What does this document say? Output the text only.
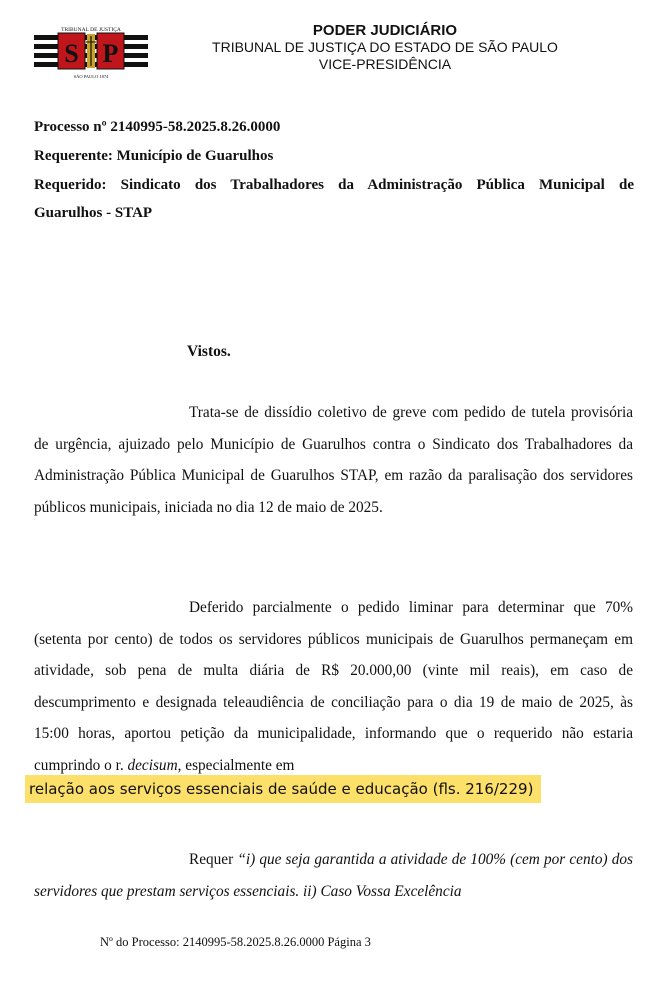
TRIBUNAL DE JUSTIÇA
S P
SÃO PAULO 1874
PODER JUDICIÁRIO
TRIBUNAL DE JUSTIÇA DO ESTADO DE SÃO PAULO
VICE-PRESIDÊNCIA
Processo nº 2140995-58.2025.8.26.0000
Requerente: Município de Guarulhos
Requerido: Sindicato dos Trabalhadores da Administração Pública Municipal de
Guarulhos - STAP
Vistos.
Trata-se de dissídio coletivo de greve com pedido de tutela provisória de urgência, ajuizado pelo Município de Guarulhos contra o Sindicato dos Trabalhadores da Administração Pública Municipal de Guarulhos STAP, em razão da paralisação dos servidores públicos municipais, iniciada no dia 12 de maio de 2025.
Deferido parcialmente o pedido liminar para determinar que 70% (setenta por cento) de todos os servidores públicos municipais de Guarulhos permaneçam em atividade, sob pena de multa diária de R$ 20.000,00 (vinte mil reais), em caso de descumprimento e designada teleaudiência de conciliação para o dia 19 de maio de 2025, às 15:00 horas, aportou petição da municipalidade, informando que o requerido não estaria cumprindo o r. decisum, especialmente em
relação aos serviços essenciais de saúde e educação (fls. 216/229)
Requer “i) que seja garantida a atividade de 100% (cem por cento) dos servidores que prestam serviços essenciais. ii) Caso Vossa Excelência
Nº do Processo: 2140995-58.2025.8.26.0000 Página 3
